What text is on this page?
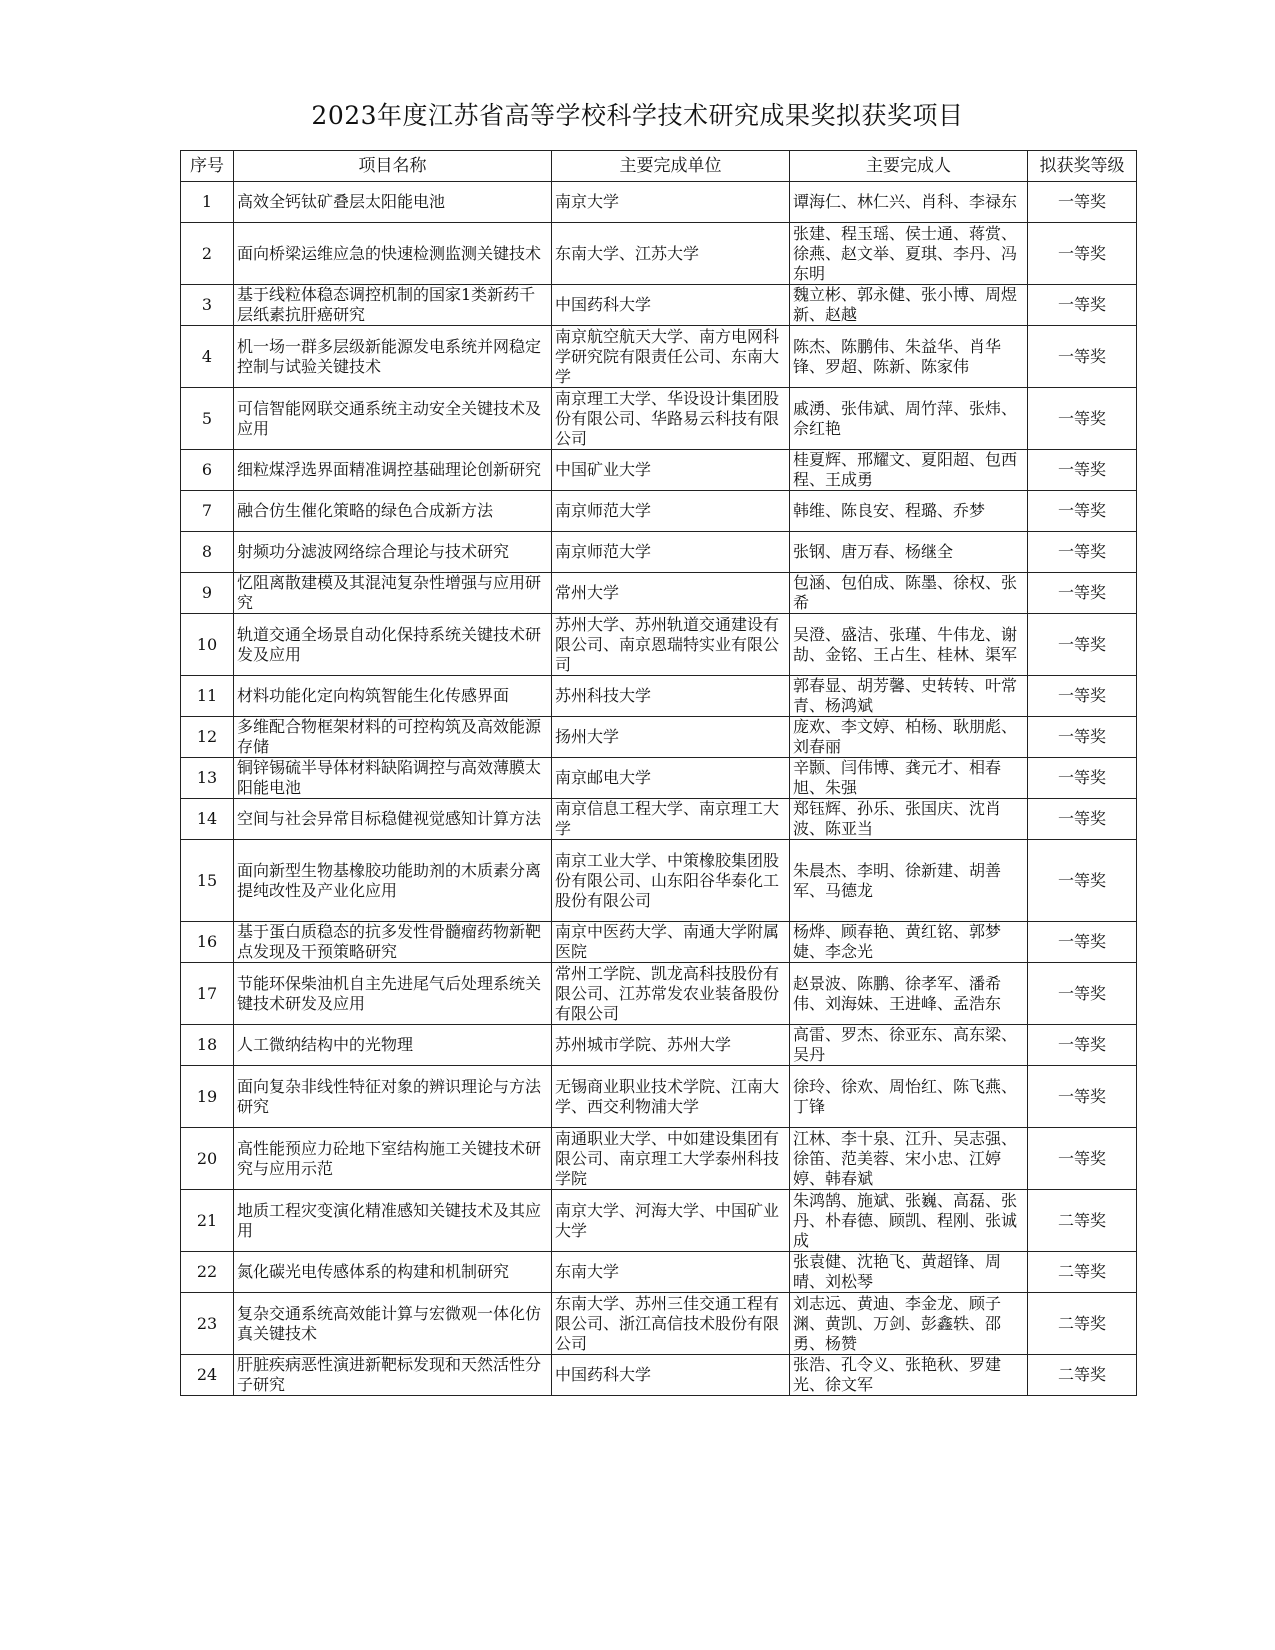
2023年度江苏省高等学校科学技术研究成果奖拟获奖项目
序号	项目名称	主要完成单位	主要完成人	拟获奖等级
1	高效全钙钛矿叠层太阳能电池	南京大学	谭海仁、林仁兴、肖科、李禄东	一等奖
2	面向桥梁运维应急的快速检测监测关键技术	东南大学、江苏大学	张建、程玉瑶、侯士通、蒋赏、徐燕、赵文举、夏琪、李丹、冯东明	一等奖
3	基于线粒体稳态调控机制的国家1类新药千层纸素抗肝癌研究	中国药科大学	魏立彬、郭永健、张小博、周煜新、赵越	一等奖
4	机一场一群多层级新能源发电系统并网稳定控制与试验关键技术	南京航空航天大学、南方电网科学研究院有限责任公司、东南大学	陈杰、陈鹏伟、朱益华、肖华锋、罗超、陈新、陈家伟	一等奖
5	可信智能网联交通系统主动安全关键技术及应用	南京理工大学、华设设计集团股份有限公司、华路易云科技有限公司	戚湧、张伟斌、周竹萍、张炜、佘红艳	一等奖
6	细粒煤浮选界面精准调控基础理论创新研究	中国矿业大学	桂夏辉、邢耀文、夏阳超、包西程、王成勇	一等奖
7	融合仿生催化策略的绿色合成新方法	南京师范大学	韩维、陈良安、程璐、乔梦	一等奖
8	射频功分滤波网络综合理论与技术研究	南京师范大学	张钢、唐万春、杨继全	一等奖
9	忆阻离散建模及其混沌复杂性增强与应用研究	常州大学	包涵、包伯成、陈墨、徐权、张希	一等奖
10	轨道交通全场景自动化保持系统关键技术研发及应用	苏州大学、苏州轨道交通建设有限公司、南京恩瑞特实业有限公司	吴澄、盛洁、张瑾、牛伟龙、谢劼、金铭、王占生、桂林、渠军	一等奖
11	材料功能化定向构筑智能生化传感界面	苏州科技大学	郭春显、胡芳馨、史转转、叶常青、杨鸿斌	一等奖
12	多维配合物框架材料的可控构筑及高效能源存储	扬州大学	庞欢、李文婷、柏杨、耿朋彪、刘春丽	一等奖
13	铜锌锡硫半导体材料缺陷调控与高效薄膜太阳能电池	南京邮电大学	辛颢、闫伟博、龚元才、相春旭、朱强	一等奖
14	空间与社会异常目标稳健视觉感知计算方法	南京信息工程大学、南京理工大学	郑钰辉、孙乐、张国庆、沈肖波、陈亚当	一等奖
15	面向新型生物基橡胶功能助剂的木质素分离提纯改性及产业化应用	南京工业大学、中策橡胶集团股份有限公司、山东阳谷华泰化工股份有限公司	朱晨杰、李明、徐新建、胡善军、马德龙	一等奖
16	基于蛋白质稳态的抗多发性骨髓瘤药物新靶点发现及干预策略研究	南京中医药大学、南通大学附属医院	杨烨、顾春艳、黄红铭、郭梦婕、李念光	一等奖
17	节能环保柴油机自主先进尾气后处理系统关键技术研发及应用	常州工学院、凯龙高科技股份有限公司、江苏常发农业装备股份有限公司	赵景波、陈鹏、徐孝军、潘希伟、刘海妹、王进峰、孟浩东	一等奖
18	人工微纳结构中的光物理	苏州城市学院、苏州大学	高雷、罗杰、徐亚东、高东梁、吴丹	一等奖
19	面向复杂非线性特征对象的辨识理论与方法研究	无锡商业职业技术学院、江南大学、西交利物浦大学	徐玲、徐欢、周怡红、陈飞燕、丁锋	一等奖
20	高性能预应力砼地下室结构施工关键技术研究与应用示范	南通职业大学、中如建设集团有限公司、南京理工大学泰州科技学院	江林、李十泉、江升、吴志强、徐笛、范美蓉、宋小忠、江婷婷、韩春斌	一等奖
21	地质工程灾变演化精准感知关键技术及其应用	南京大学、河海大学、中国矿业大学	朱鸿鹄、施斌、张巍、高磊、张丹、朴春德、顾凯、程刚、张诚成	二等奖
22	氮化碳光电传感体系的构建和机制研究	东南大学	张袁健、沈艳飞、黄超锋、周晴、刘松琴	二等奖
23	复杂交通系统高效能计算与宏微观一体化仿真关键技术	东南大学、苏州三佳交通工程有限公司、浙江高信技术股份有限公司	刘志远、黄迪、李金龙、顾子渊、黄凯、万剑、彭鑫轶、邵勇、杨赞	二等奖
24	肝脏疾病恶性演进新靶标发现和天然活性分子研究	中国药科大学	张浩、孔令义、张艳秋、罗建光、徐文军	二等奖
